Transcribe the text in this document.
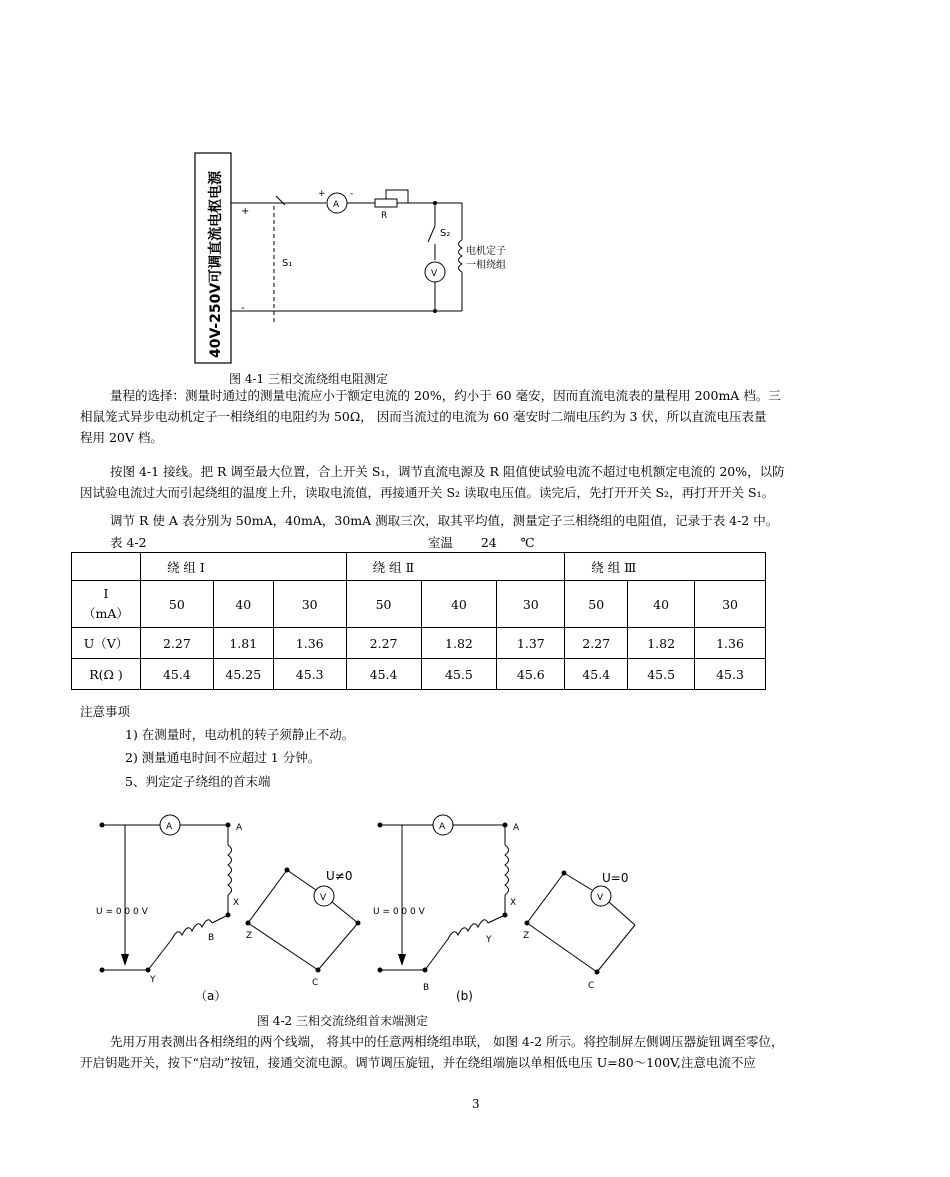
40V-250V可调直流电枢电源 +
-
S₁
A
+	-
R
S₂
V
电机定子
一相绕组
图 4-1 三相交流绕组电阻测定
量程的选择：测量时通过的测量电流应小于额定电流的 20%，约小于 60 毫安，因而直流电流表的量程用 200mA 档。三
相鼠笼式异步电动机定子一相绕组的电阻约为 50Ω， 因而当流过的电流为 60 毫安时二端电压约为 3 伏，所以直流电压表量
程用 20V 档。
按图 4-1 接线。把 R 调至最大位置，合上开关 S₁，调节直流电源及 R 阻值使试验电流不超过电机额定电流的 20%，以防
因试验电流过大而引起绕组的温度上升，读取电流值，再接通开关 S₂ 读取电压值。读完后，先打开开关 S₂，再打开开关 S₁。
调节 R 使 A 表分别为 50mA，40mA，30mA 测取三次，取其平均值，测量定子三相绕组的电阻值，记录于表 4-2 中。
表 4-2	室温 24 ℃
	绕 组 Ⅰ			绕 组 Ⅱ			绕 组 Ⅲ		
I
（mA）	50	40	30	50	40	30	50	40	30
U（V）	2.27	1.81	1.36	2.27	1.82	1.37	2.27	1.82	1.36
R(Ω )	45.4	45.25	45.3	45.4	45.5	45.6	45.4	45.5	45.3
注意事项
1) 在测量时，电动机的转子须静止不动。
2) 测量通电时间不应超过 1 分钟。
5、判定定子绕组的首末端
A	A
X
B
Y
U = 0 0 0 V
V
Z
C
U≠0
（a）
A	A
X
Y
B
U = 0 0 0 V
V
Z
C
U=0
(b)
图 4-2 三相交流绕组首末端测定
先用万用表测出各相绕组的两个线端， 将其中的任意两相绕组串联， 如图 4-2 所示。将控制屏左侧调压器旋钮调至零位，
开启钥匙开关，按下“启动”按钮，接通交流电源。调节调压旋钮，并在绕组端施以单相低电压 U=80～100V,注意电流不应
3
